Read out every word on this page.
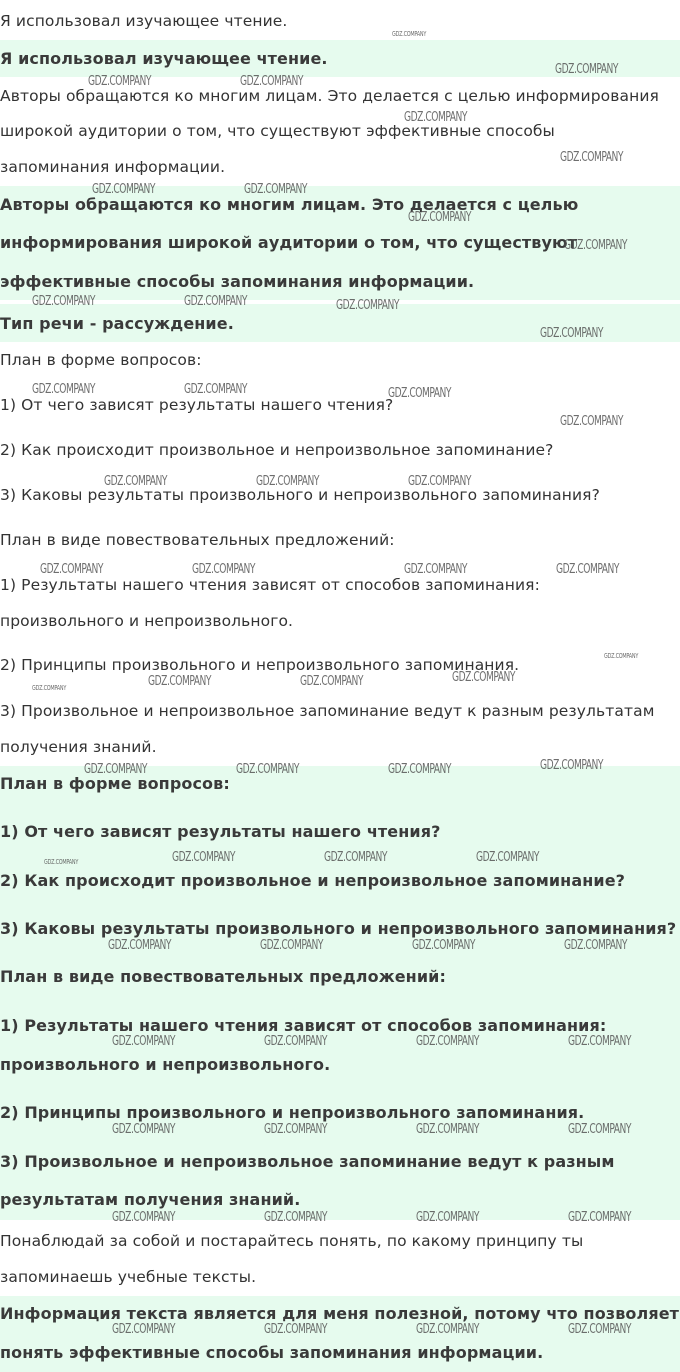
Я использовал изучающее чтение.
Я использовал изучающее чтение.
Авторы обращаются ко многим лицам. Это делается с целью информирования
широкой аудитории о том, что существуют эффективные способы
запоминания информации.
Авторы обращаются ко многим лицам. Это делается с целью
информирования широкой аудитории о том, что существуют
эффективные способы запоминания информации.
Тип речи - рассуждение.
План в форме вопросов:
1) От чего зависят результаты нашего чтения?
2) Как происходит произвольное и непроизвольное запоминание?
3) Каковы результаты произвольного и непроизвольного запоминания?
План в виде повествовательных предложений:
1) Результаты нашего чтения зависят от способов запоминания:
произвольного и непроизвольного.
2) Принципы произвольного и непроизвольного запоминания.
3) Произвольное и непроизвольное запоминание ведут к разным результатам
получения знаний.
План в форме вопросов:
1) От чего зависят результаты нашего чтения?
2) Как происходит произвольное и непроизвольное запоминание?
3) Каковы результаты произвольного и непроизвольного запоминания?
План в виде повествовательных предложений:
1) Результаты нашего чтения зависят от способов запоминания:
произвольного и непроизвольного.
2) Принципы произвольного и непроизвольного запоминания.
3) Произвольное и непроизвольное запоминание ведут к разным
результатам получения знаний.
Понаблюдай за собой и постарайтесь понять, по какому принципу ты
запоминаешь учебные тексты.
Информация текста является для меня полезной, потому что позволяет
понять эффективные способы запоминания информации.
GDZ.COMPANY
GDZ.COMPANY
GDZ.COMPANY	GDZ.COMPANY
GDZ.COMPANY
GDZ.COMPANY
GDZ.COMPANY	GDZ.COMPANY
GDZ.COMPANY
GDZ.COMPANY
GDZ.COMPANY	GDZ.COMPANY	GDZ.COMPANY
GDZ.COMPANY
GDZ.COMPANY	GDZ.COMPANY	GDZ.COMPANY
GDZ.COMPANY
GDZ.COMPANY	GDZ.COMPANY	GDZ.COMPANY
GDZ.COMPANY	GDZ.COMPANY	GDZ.COMPANY	GDZ.COMPANY
GDZ.COMPANY
GDZ.COMPANY
GDZ.COMPANY	GDZ.COMPANY	GDZ.COMPANY
GDZ.COMPANY	GDZ.COMPANY	GDZ.COMPANY	GDZ.COMPANY
GDZ.COMPANY	GDZ.COMPANY	GDZ.COMPANY	GDZ.COMPANY
GDZ.COMPANY	GDZ.COMPANY	GDZ.COMPANY	GDZ.COMPANY
GDZ.COMPANY	GDZ.COMPANY	GDZ.COMPANY	GDZ.COMPANY
GDZ.COMPANY	GDZ.COMPANY	GDZ.COMPANY	GDZ.COMPANY
GDZ.COMPANY	GDZ.COMPANY	GDZ.COMPANY	GDZ.COMPANY
GDZ.COMPANY	GDZ.COMPANY	GDZ.COMPANY	GDZ.COMPANY
